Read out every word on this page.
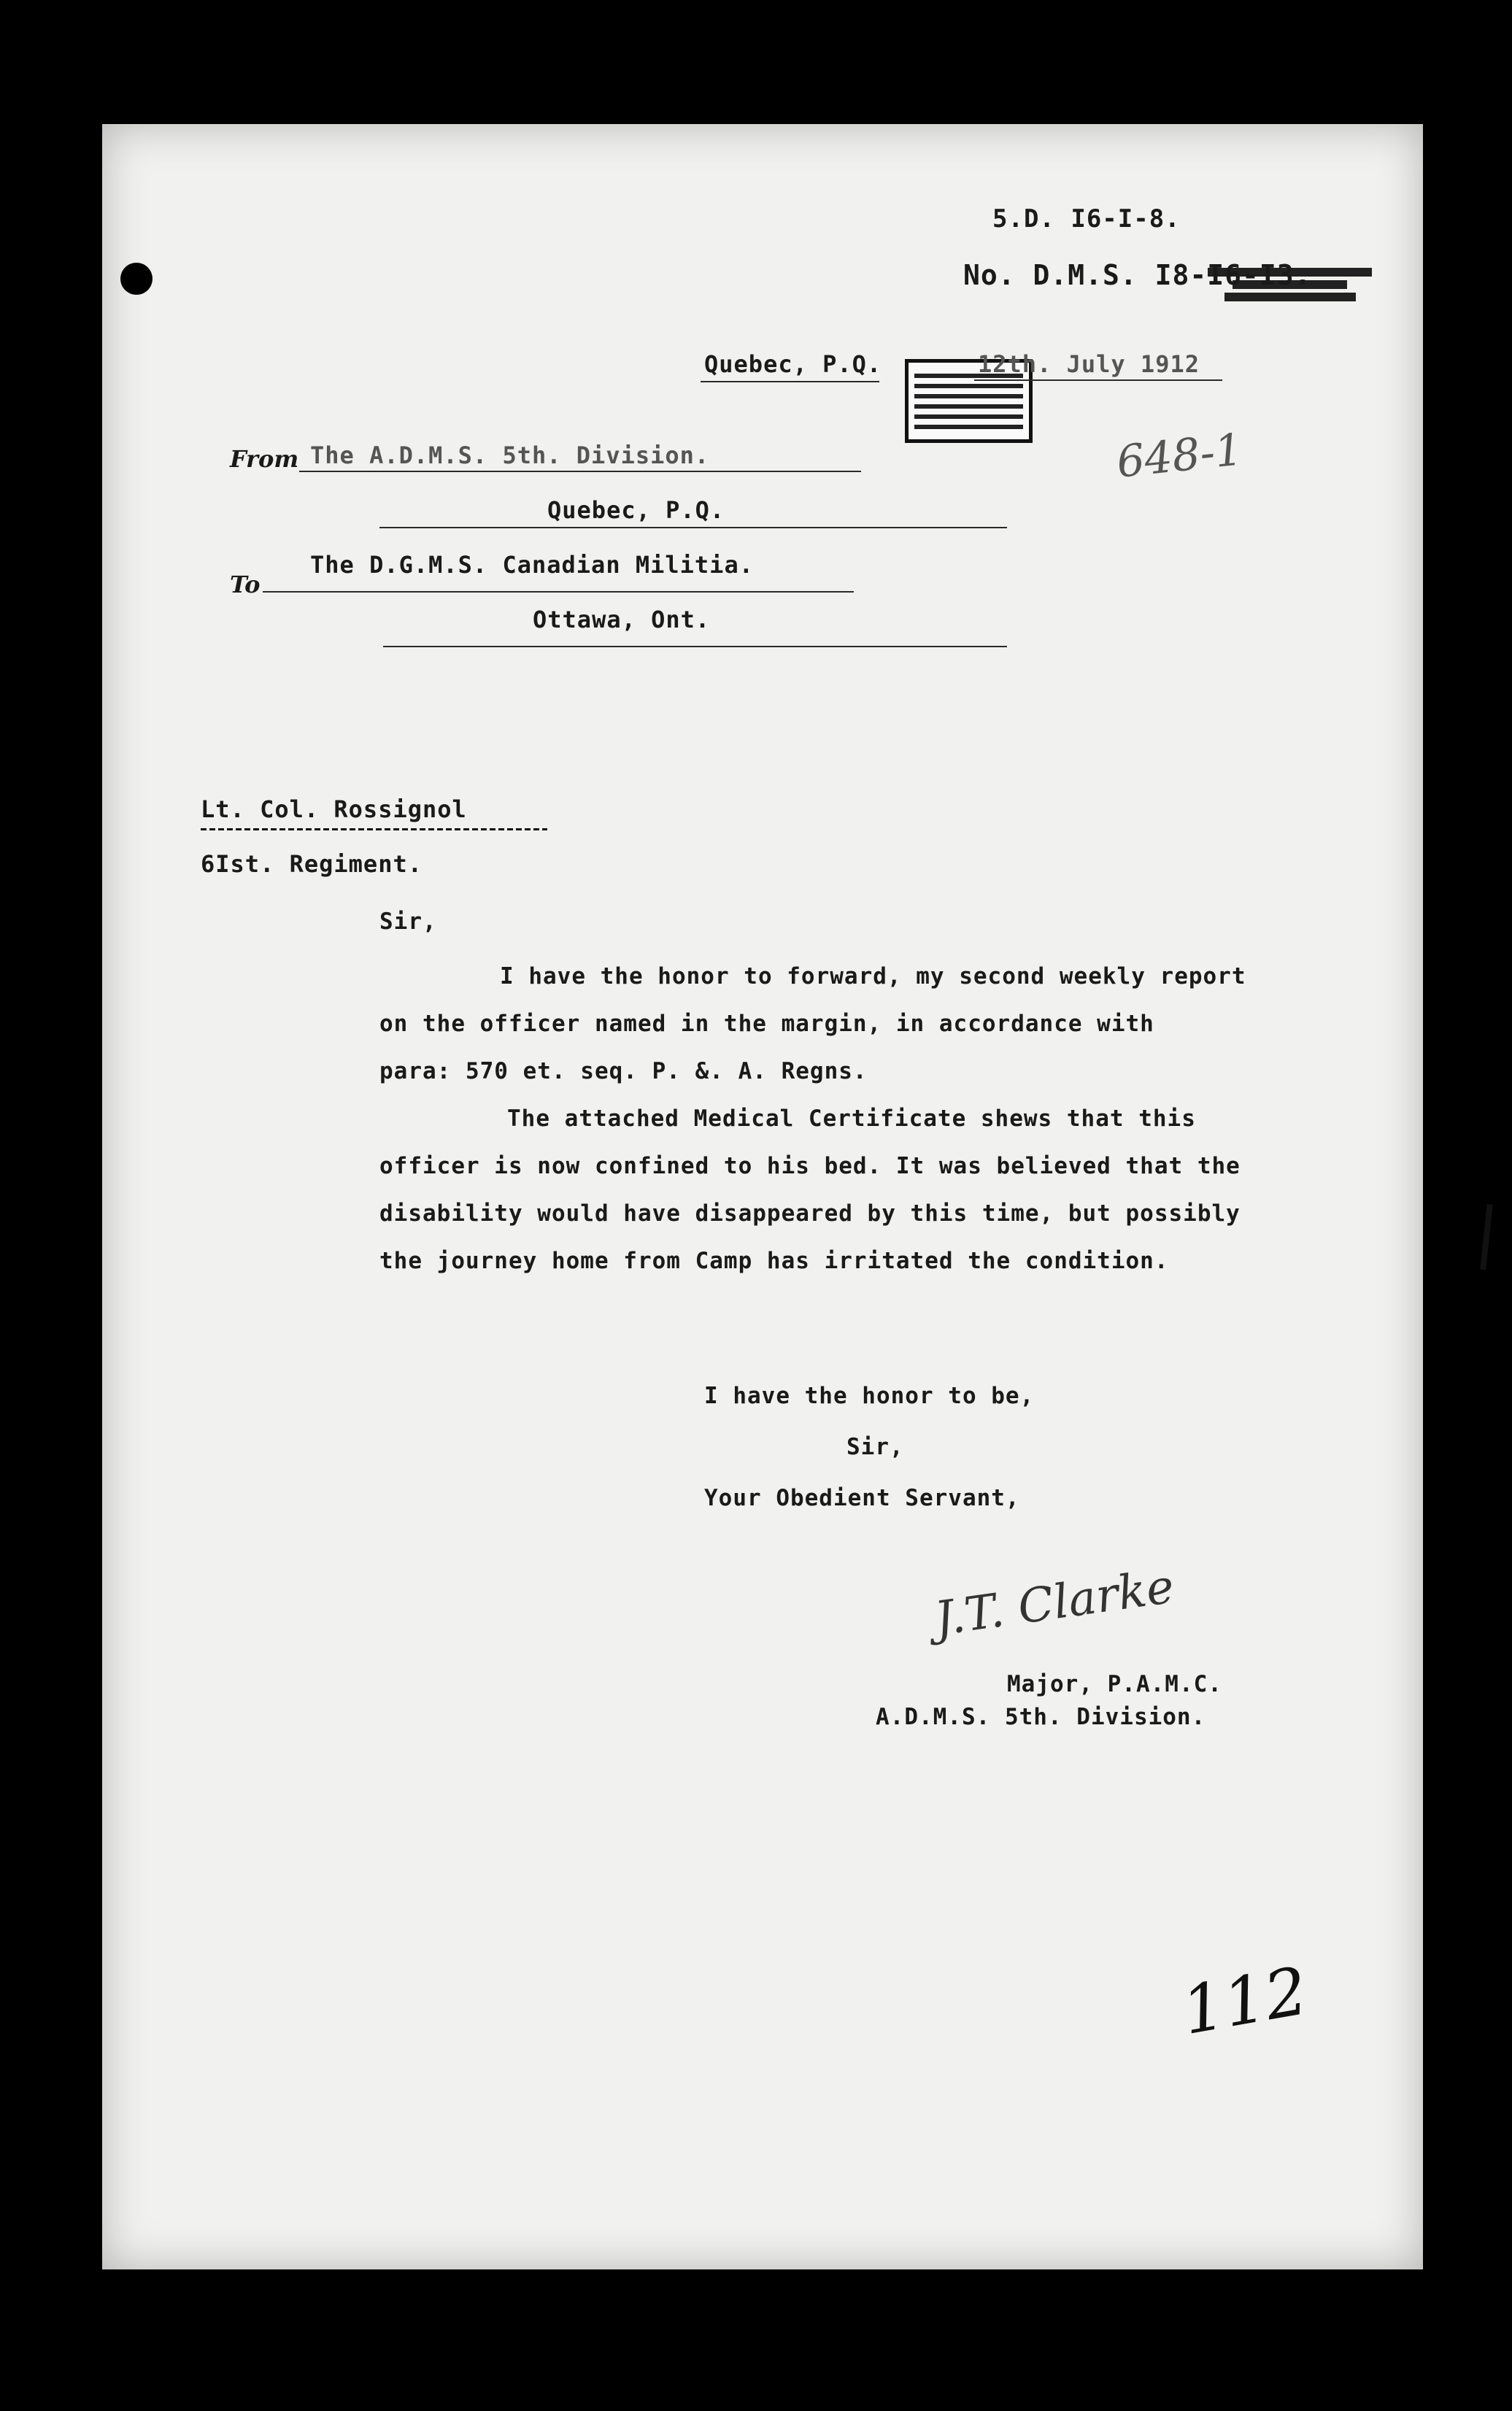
5.D. I6-I-8.
No. D.M.S. I8-I6-I3.
Quebec, P.Q.	12th. July 1912
648-1
From The A.D.M.S. 5th. Division.
Quebec, P.Q.
The D.G.M.S. Canadian Militia.
To
Ottawa, Ont.
Lt. Col. Rossignol
6Ist. Regiment.
Sir,
I have the honor to forward, my second weekly report
on the officer named in the margin, in accordance with
para: 570 et. seq. P. &. A. Regns.
The attached Medical Certificate shews that this
officer is now confined to his bed. It was believed that the
disability would have disappeared by this time, but possibly
the journey home from Camp has irritated the condition.
I have the honor to be,
Sir,
Your Obedient Servant,
J.T. Clarke
Major, P.A.M.C.
A.D.M.S. 5th. Division.
112
